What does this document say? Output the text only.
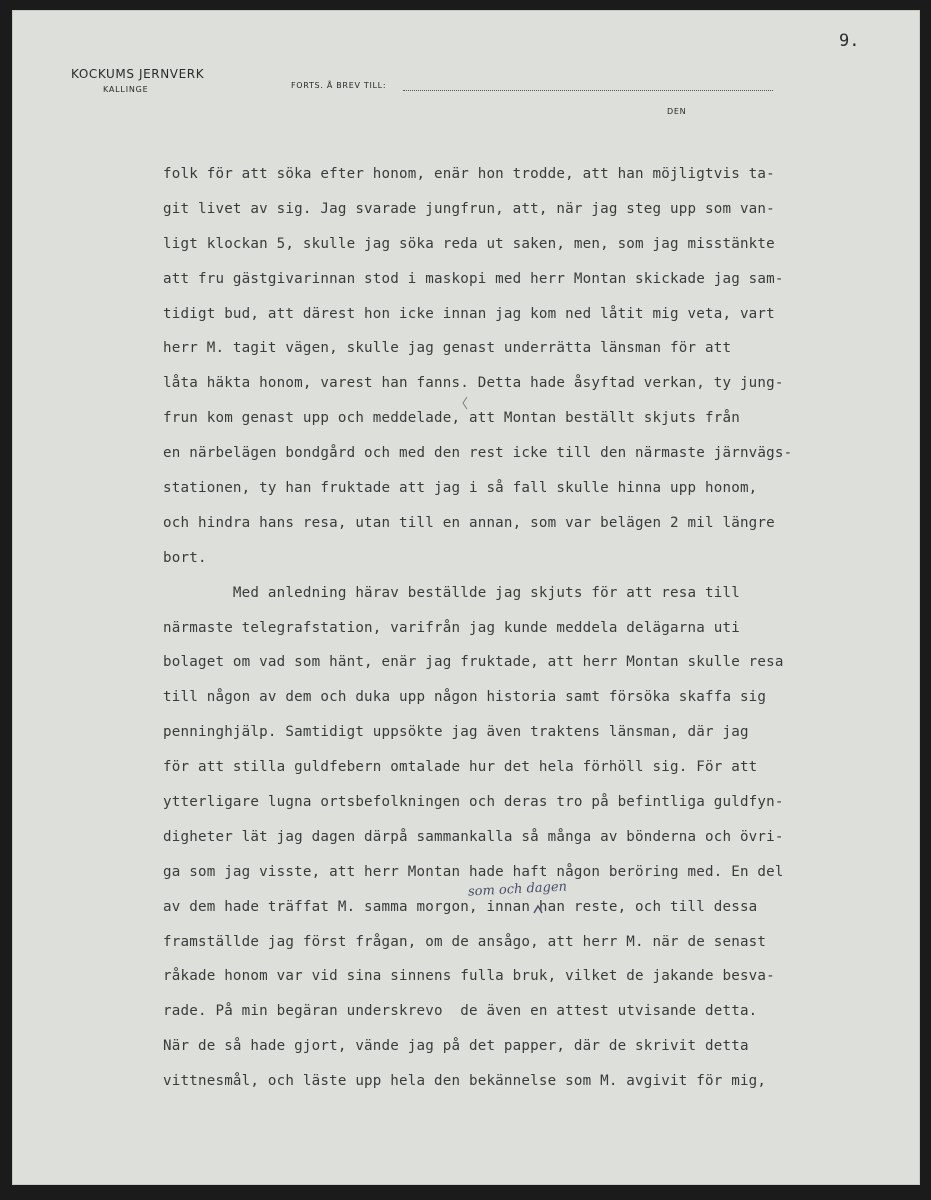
9.
KOCKUMS JERNVERK
KALLINGE	FORTS. Å BREV TILL:
DEN
folk för att söka efter honom, enär hon trodde, att han möjligtvis ta-
git livet av sig. Jag svarade jungfrun, att, när jag steg upp som van-
ligt klockan 5, skulle jag söka reda ut saken, men, som jag misstänkte
att fru gästgivarinnan stod i maskopi med herr Montan skickade jag sam-
tidigt bud, att därest hon icke innan jag kom ned låtit mig veta, vart
herr M. tagit vägen, skulle jag genast underrätta länsman för att
låta häkta honom, varest han fanns. Detta hade åsyftad verkan, ty jung-
frun kom genast upp och meddelade, att Montan beställt skjuts från
en närbelägen bondgård och med den rest icke till den närmaste järnvägs-
stationen, ty han fruktade att jag i så fall skulle hinna upp honom,
och hindra hans resa, utan till en annan, som var belägen 2 mil längre
bort.
Med anledning härav beställde jag skjuts för att resa till
närmaste telegrafstation, varifrån jag kunde meddela delägarna uti
bolaget om vad som hänt, enär jag fruktade, att herr Montan skulle resa
till någon av dem och duka upp någon historia samt försöka skaffa sig
penninghjälp. Samtidigt uppsökte jag även traktens länsman, där jag
för att stilla guldfebern omtalade hur det hela förhöll sig. För att
ytterligare lugna ortsbefolkningen och deras tro på befintliga guldfyn-
digheter lät jag dagen därpå sammankalla så många av bönderna och övri-
ga som jag visste, att herr Montan hade haft någon beröring med. En del
av dem hade träffat M. samma morgon, innan han reste, och till dessa
framställde jag först frågan, om de ansågo, att herr M. när de senast
råkade honom var vid sina sinnens fulla bruk, vilket de jakande besva-
rade. På min begäran underskrevo  de även en attest utvisande detta.
När de så hade gjort, vände jag på det papper, där de skrivit detta
vittnesmål, och läste upp hela den bekännelse som M. avgivit för mig,
som och dagen
